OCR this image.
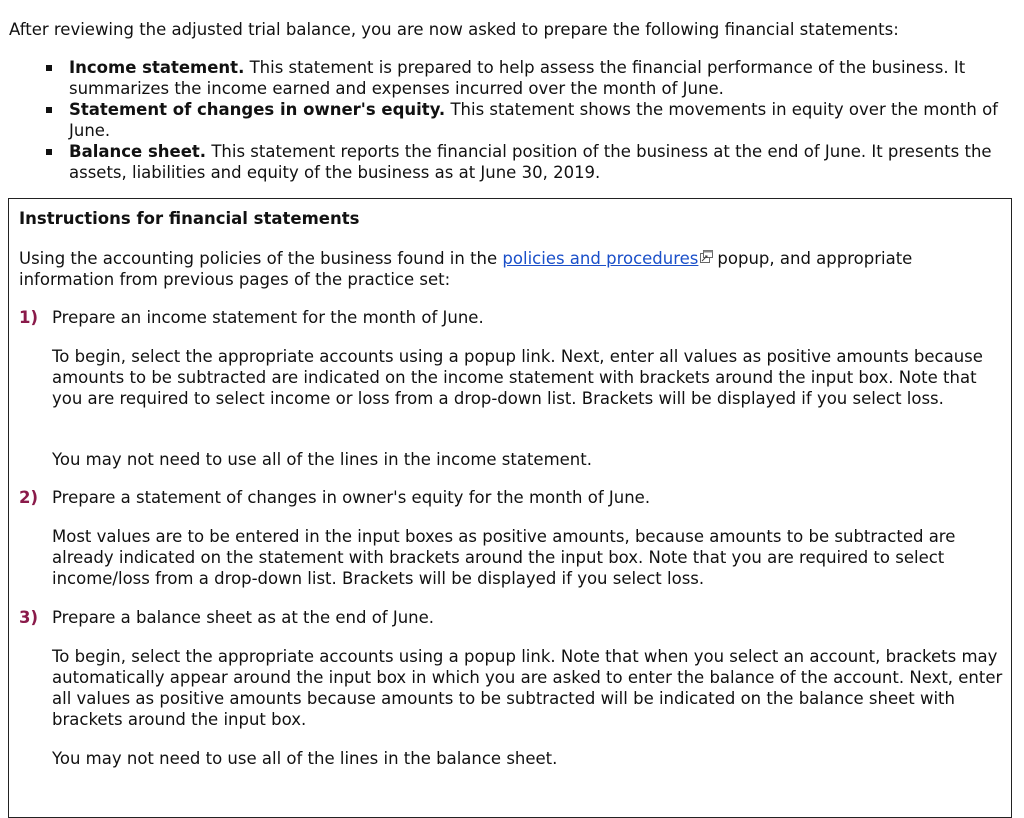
After reviewing the adjusted trial balance, you are now asked to prepare the following financial statements:

Income statement. This statement is prepared to help assess the financial performance of the business. It summarizes the income earned and expenses incurred over the month of June.
Statement of changes in owner's equity. This statement shows the movements in equity over the month of June.
Balance sheet. This statement reports the financial position of the business at the end of June. It presents the assets, liabilities and equity of the business as at June 30, 2019.

Instructions for financial statements

Using the accounting policies of the business found in the policies and procedures popup, and appropriate information from previous pages of the practice set:

1) Prepare an income statement for the month of June.

To begin, select the appropriate accounts using a popup link. Next, enter all values as positive amounts because amounts to be subtracted are indicated on the income statement with brackets around the input box. Note that you are required to select income or loss from a drop-down list. Brackets will be displayed if you select loss.

You may not need to use all of the lines in the income statement.

2) Prepare a statement of changes in owner's equity for the month of June.

Most values are to be entered in the input boxes as positive amounts, because amounts to be subtracted are already indicated on the statement with brackets around the input box. Note that you are required to select income/loss from a drop-down list. Brackets will be displayed if you select loss.

3) Prepare a balance sheet as at the end of June.

To begin, select the appropriate accounts using a popup link. Note that when you select an account, brackets may automatically appear around the input box in which you are asked to enter the balance of the account. Next, enter all values as positive amounts because amounts to be subtracted will be indicated on the balance sheet with brackets around the input box.

You may not need to use all of the lines in the balance sheet.
